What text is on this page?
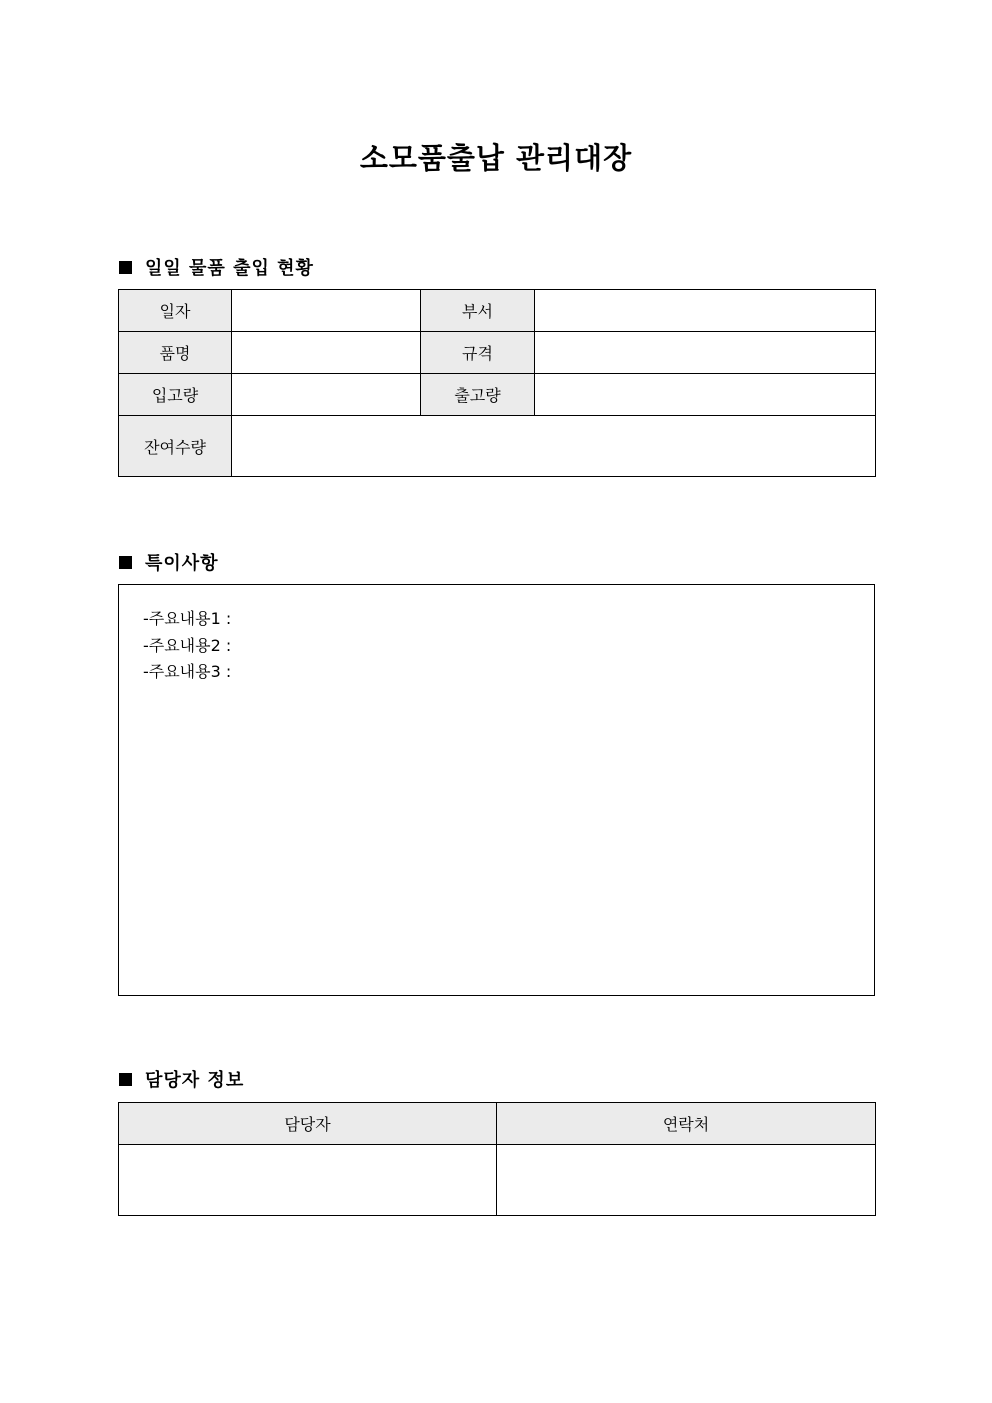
소모품출납 관리대장
일일 물품 출입 현황
일자		부서	
품명		규격	
입고량		출고량	
잔여수량			
특이사항
-주요내용1 :
-주요내용2 :
-주요내용3 :
담당자 정보
담당자	연락처
